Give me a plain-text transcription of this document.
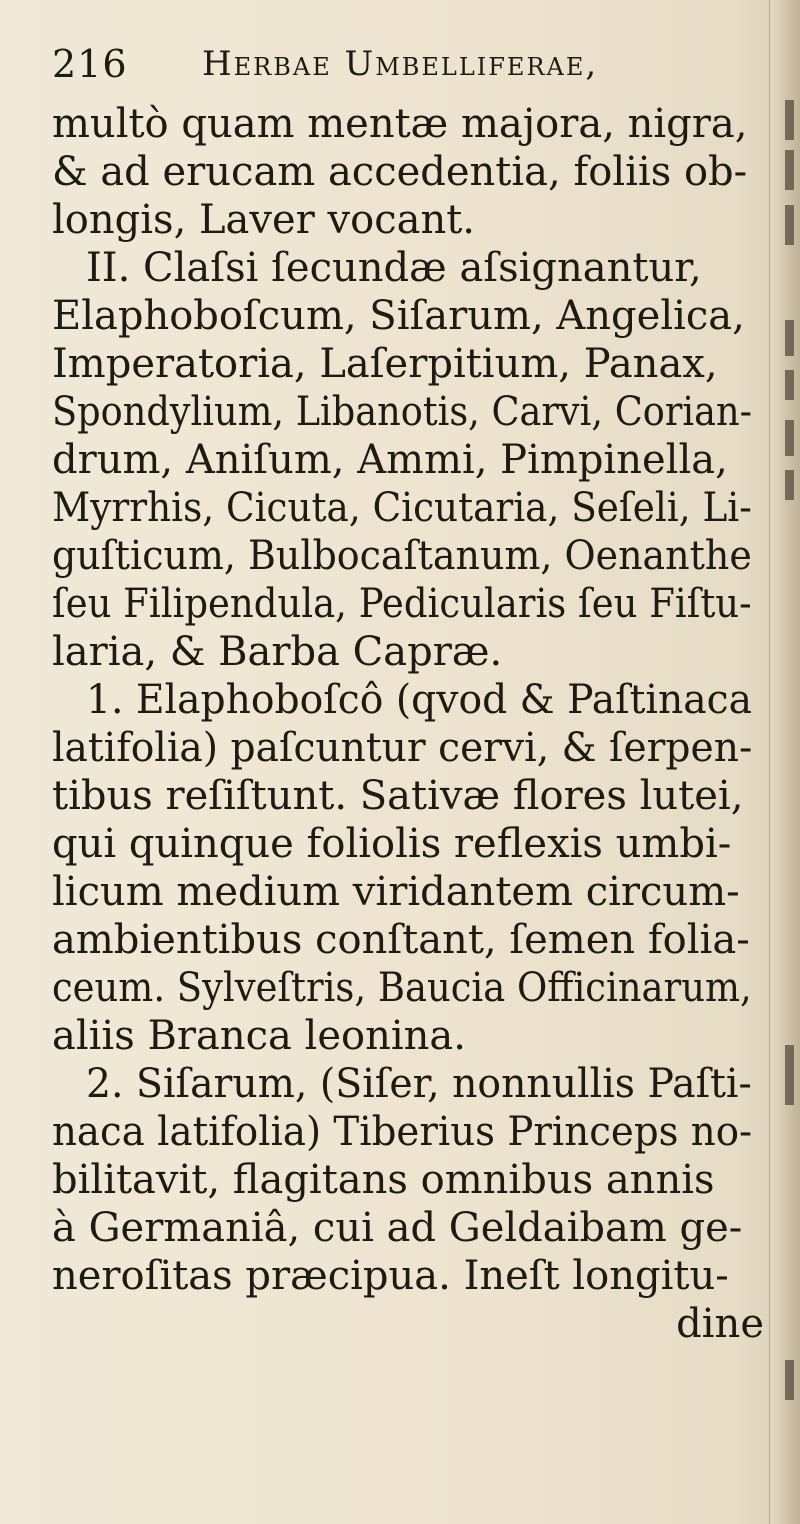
216 Herbae Umbelliferae,
multò quam mentæ majora, nigra,
& ad erucam accedentia, foliis ob-
longis, Laver vocant.
II. Claſsi ſecundæ aſsignantur,
Elaphoboſcum, Siſarum, Angelica,
Imperatoria, Laſerpitium, Panax,
Spondylium, Libanotis, Carvi, Corian-
drum, Aniſum, Ammi, Pimpinella,
Myrrhis, Cicuta, Cicutaria, Seſeli, Li-
guſticum, Bulbocaſtanum, Oenanthe
ſeu Filipendula, Pedicularis ſeu Fiſtu-
laria, & Barba Capræ.
1. Elaphoboſcô (qvod & Paſtinaca
latifolia) paſcuntur cervi, & ſerpen-
tibus reſiſtunt. Sativæ flores lutei,
qui quinque foliolis reflexis umbi-
licum medium viridantem circum-
ambientibus conſtant, ſemen folia-
ceum. Sylveſtris, Baucia Officinarum,
aliis Branca leonina.
2. Siſarum, (Siſer, nonnullis Paſti-
naca latifolia) Tiberius Princeps no-
bilitavit, flagitans omnibus annis
à Germaniâ, cui ad Geldaibam ge-
neroſitas præcipua. Ineſt longitu-
dine
